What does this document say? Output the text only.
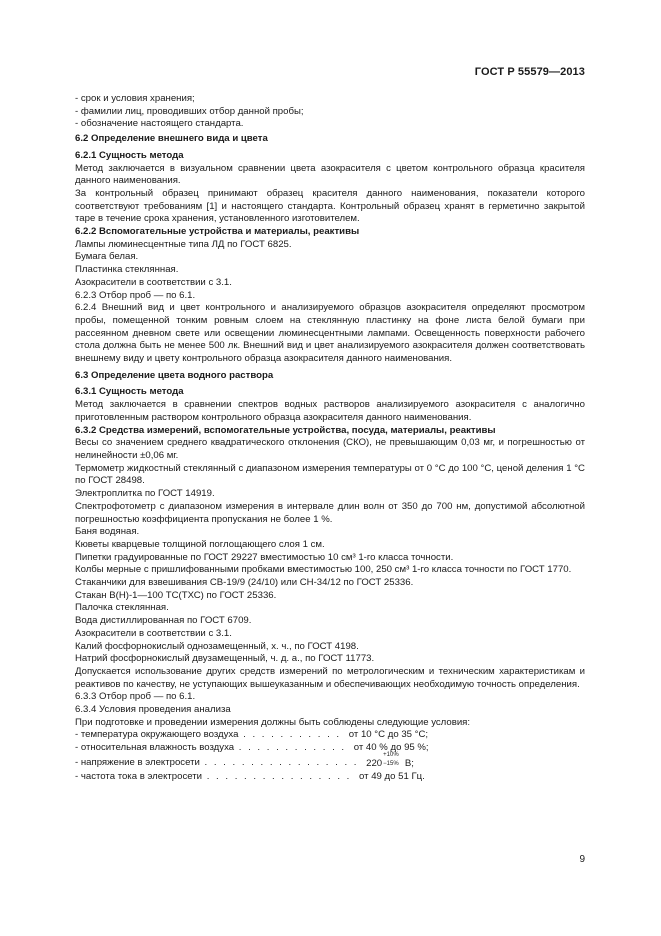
ГОСТ Р 55579—2013

- срок и условия хранения;

- фамилии лиц, проводивших отбор данной пробы;

- обозначение настоящего стандарта.

6.2 Определение внешнего вида и цвета

6.2.1 Сущность метода

Метод заключается в визуальном сравнении цвета азокрасителя с цветом контрольного образца красителя данного наименования.

За контрольный образец принимают образец красителя данного наименования, показатели которого соответствуют требованиям [1] и настоящего стандарта. Контрольный образец хранят в герметично закрытой таре в течение срока хранения, установленного изготовителем.

6.2.2 Вспомогательные устройства и материалы, реактивы

Лампы люминесцентные типа ЛД по ГОСТ 6825.

Бумага белая.

Пластинка стеклянная.

Азокрасители в соответствии с 3.1.

6.2.3 Отбор проб — по 6.1.

6.2.4 Внешний вид и цвет контрольного и анализируемого образцов азокрасителя определяют просмотром пробы, помещенной тонким ровным слоем на стеклянную пластинку на фоне листа белой бумаги при рассеянном дневном свете или освещении люминесцентными лампами. Освещенность поверхности рабочего стола должна быть не менее 500 лк. Внешний вид и цвет анализируемого азокрасителя должен соответствовать внешнему виду и цвету контрольного образца азокрасителя данного наименования.

6.3 Определение цвета водного раствора

6.3.1 Сущность метода

Метод заключается в сравнении спектров водных растворов анализируемого азокрасителя с аналогично приготовленным раствором контрольного образца азокрасителя данного наименования.

6.3.2 Средства измерений, вспомогательные устройства, посуда, материалы, реактивы

Весы со значением среднего квадратического отклонения (СКО), не превышающим 0,03 мг, и погрешностью от нелинейности ±0,06 мг.

Термометр жидкостный стеклянный с диапазоном измерения температуры от 0 °С до 100 °С, ценой деления 1 °С по ГОСТ 28498.

Электроплитка по ГОСТ 14919.

Спектрофотометр с диапазоном измерения в интервале длин волн от 350 до 700 нм, допустимой абсолютной погрешностью коэффициента пропускания не более 1 %.

Баня водяная.

Кюветы кварцевые толщиной поглощающего слоя 1 см.

Пипетки градуированные по ГОСТ 29227 вместимостью 10 см³ 1-го класса точности.

Колбы мерные с пришлифованными пробками вместимостью 100, 250 см³ 1-го класса точности по ГОСТ 1770.

Стаканчики для взвешивания СВ-19/9 (24/10) или СН-34/12 по ГОСТ 25336.

Стакан В(Н)-1—100 ТС(ТХС) по ГОСТ 25336.

Палочка стеклянная.

Вода дистиллированная по ГОСТ 6709.

Азокрасители в соответствии с 3.1.

Калий фосфорнокислый однозамещенный, х. ч., по ГОСТ 4198.

Натрий фосфорнокислый двузамещенный, ч. д. а., по ГОСТ 11773.

Допускается использование других средств измерений по метрологическим и техническим характеристикам и реактивов по качеству, не уступающих вышеуказанным и обеспечивающих необходимую точность определения.

6.3.3 Отбор проб — по 6.1.

6.3.4 Условия проведения анализа

При подготовке и проведении измерения должны быть соблюдены следующие условия:

- температура окружающего воздуха . . . . . . . . . . . от 10 °С до 35 °С;
- относительная влажность воздуха . . . . . . . . . . . . от 40 % до 95 %;
- напряжение в электросети . . . . . . . . . . . . . . . . . 220
+10%
−15% В;
- частота тока в электросети . . . . . . . . . . . . . . . . от 49 до 51 Гц.
9
